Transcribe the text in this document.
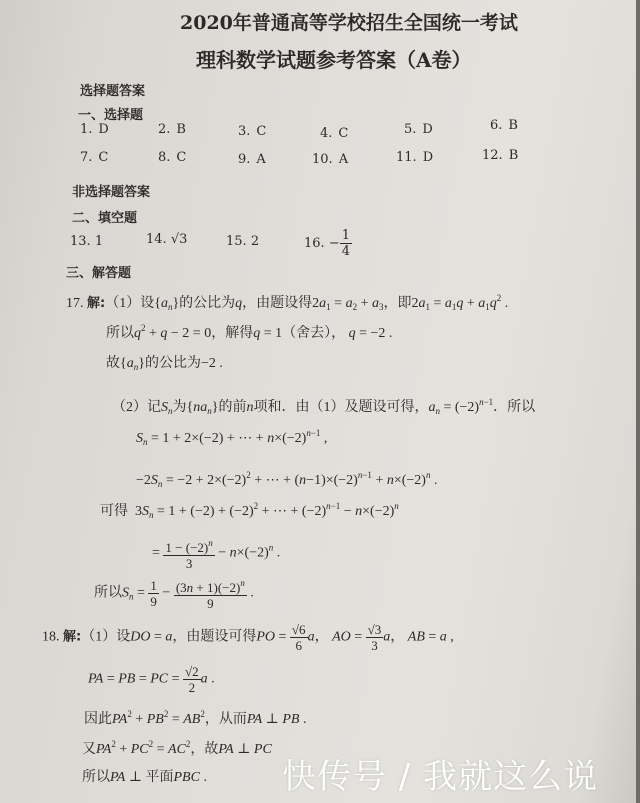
2020年普通高等学校招生全国统一考试
理科数学试题参考答案（A卷）
选择题答案
一、选择题
1. D	2. B	3. C	4. C	5. D	6. B
7. C	8. C	9. A	10. A	11. D	12. B
非选择题答案
二、填空题
13. 1	14. √3	15. 2	16. − $\frac{1}{4}$
三、解答题
17. 解:（1）设$\{a_n\}$的公比为q，由题设得$2a_1 = a_2 + a_3$，即$2a_1 = a_1q + a_1q^2$ .
所以$q^2 + q - 2 = 0$，解得q = 1（舍去）， q = −2 .
故$\{a_n\}$的公比为−2 .
（2）记$S_n$为$\{na_n\}$的前n项和．由（1）及题设可得，$a_n = (-2)^{n-1}$．所以
$S_n = 1 + 2\times(-2)$ + ⋯ + $n\times(-2)^{n-1}$ ,
$-2S_n = -2 + 2\times(-2)^2$ + ⋯ + $(n-1)\times(-2)^{n-1} + n\times(-2)^n$ .
可得  $3S_n = 1 + (-2) + (-2)^2$ + ⋯ + $(-2)^{n-1} - n\times(-2)^n$
= $\frac{1 - (-2)^n}{3} - n\times(-2)^n$ .
所以$S_n = \frac{1}{9} - \frac{(3n + 1)(-2)^n}{9}$ .
18. 解:（1）设DO = a，由题设可得PO = $\frac{√6}{6}$ a， AO = $\frac{√3}{3}$ a， AB = a ,
PA = PB = PC = $\frac{√2}{2}$ a .
因此$PA^2 + PB^2 = AB^2$，从而PA ⊥ PB .
又$PA^2 + PC^2 = AC^2$，故PA ⊥ PC
所以PA ⊥ 平面PBC . 快传号 / 我就这么说
